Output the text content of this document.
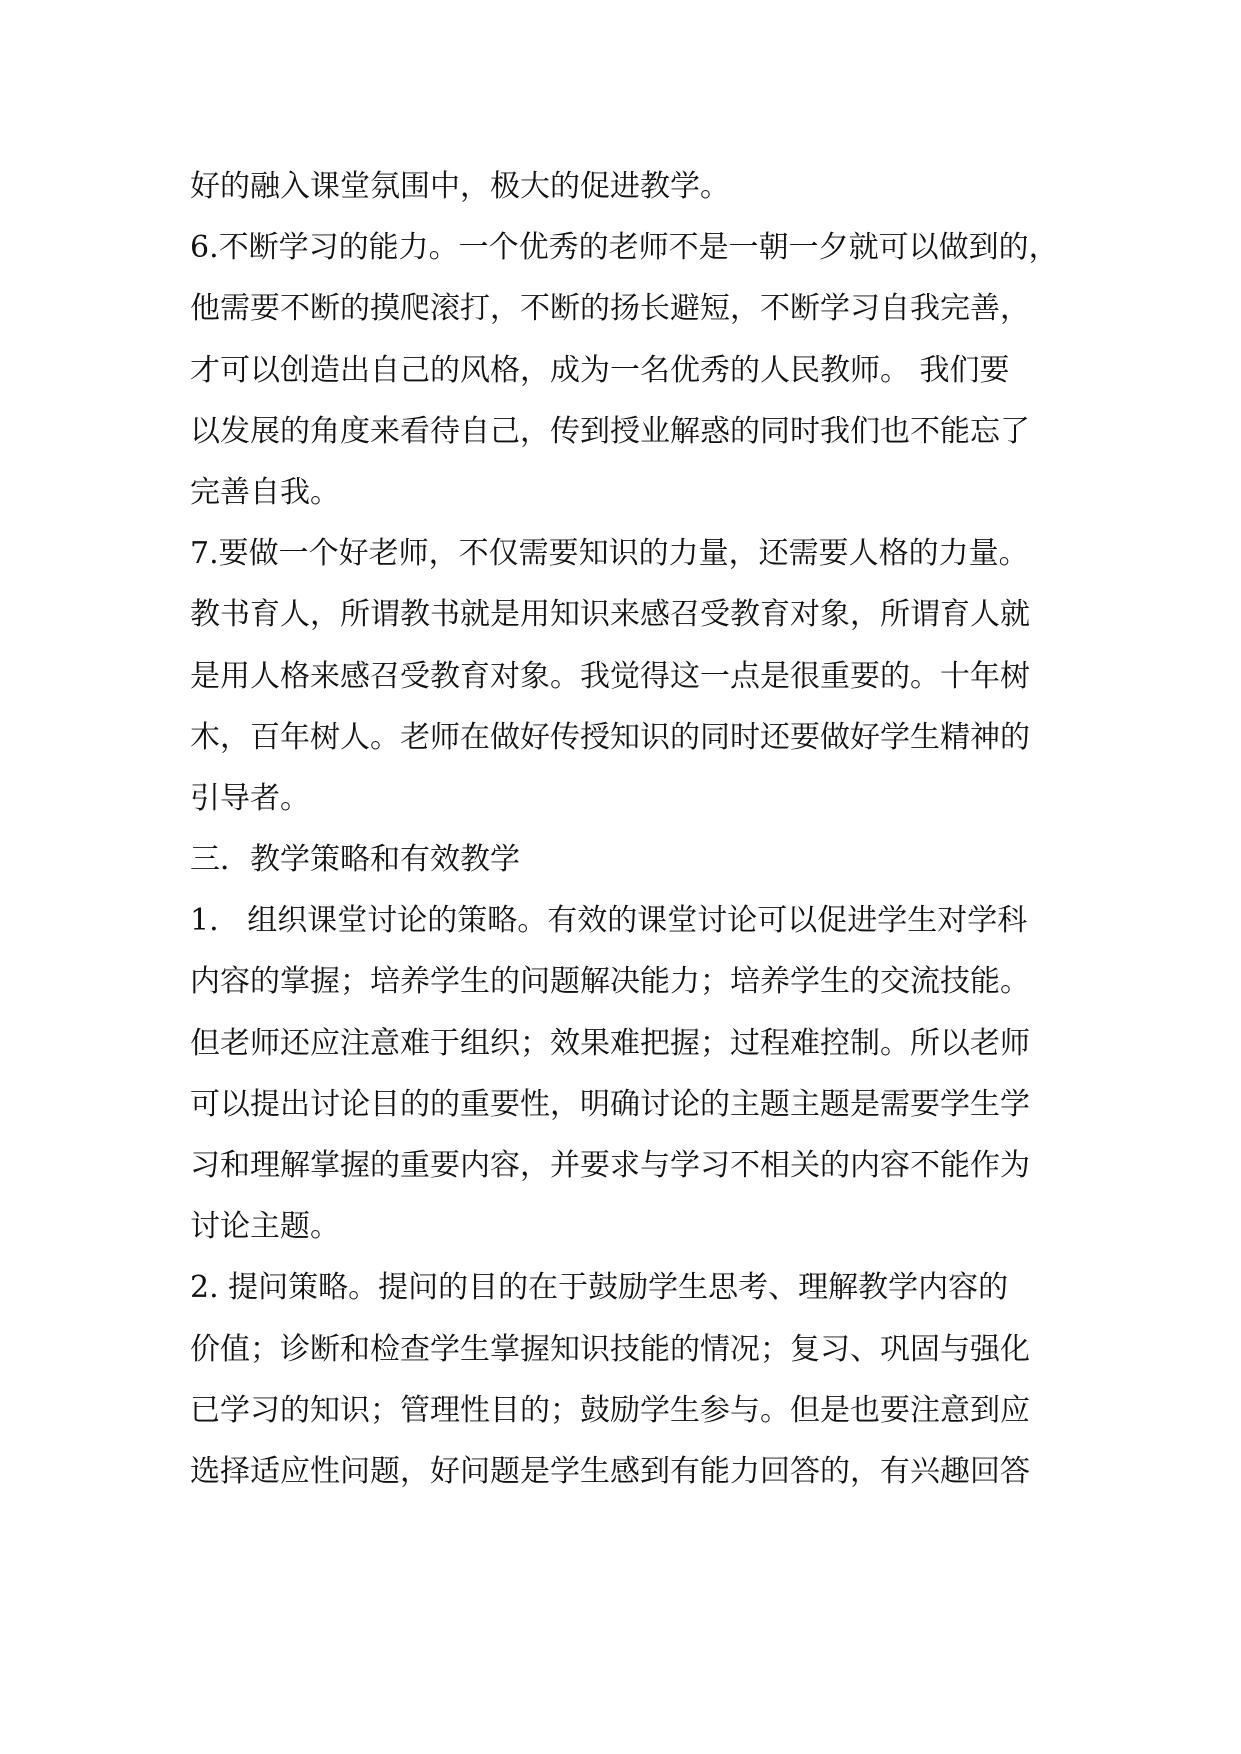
好的融入课堂氛围中，极大的促进教学。
6.不断学习的能力。一个优秀的老师不是一朝一夕就可以做到的，
他需要不断的摸爬滚打，不断的扬长避短，不断学习自我完善，
才可以创造出自己的风格，成为一名优秀的人民教师。 我们要
以发展的角度来看待自己，传到授业解惑的同时我们也不能忘了
完善自我。
7.要做一个好老师，不仅需要知识的力量，还需要人格的力量。
教书育人，所谓教书就是用知识来感召受教育对象，所谓育人就
是用人格来感召受教育对象。我觉得这一点是很重要的。十年树
木，百年树人。老师在做好传授知识的同时还要做好学生精神的
引导者。
三．教学策略和有效教学
1.   组织课堂讨论的策略。有效的课堂讨论可以促进学生对学科
内容的掌握；培养学生的问题解决能力；培养学生的交流技能。
但老师还应注意难于组织；效果难把握；过程难控制。所以老师
可以提出讨论目的的重要性，明确讨论的主题主题是需要学生学
习和理解掌握的重要内容，并要求与学习不相关的内容不能作为
讨论主题。
2. 提问策略。提问的目的在于鼓励学生思考、理解教学内容的
价值；诊断和检查学生掌握知识技能的情况；复习、巩固与强化
已学习的知识；管理性目的；鼓励学生参与。但是也要注意到应
选择适应性问题，好问题是学生感到有能力回答的，有兴趣回答
